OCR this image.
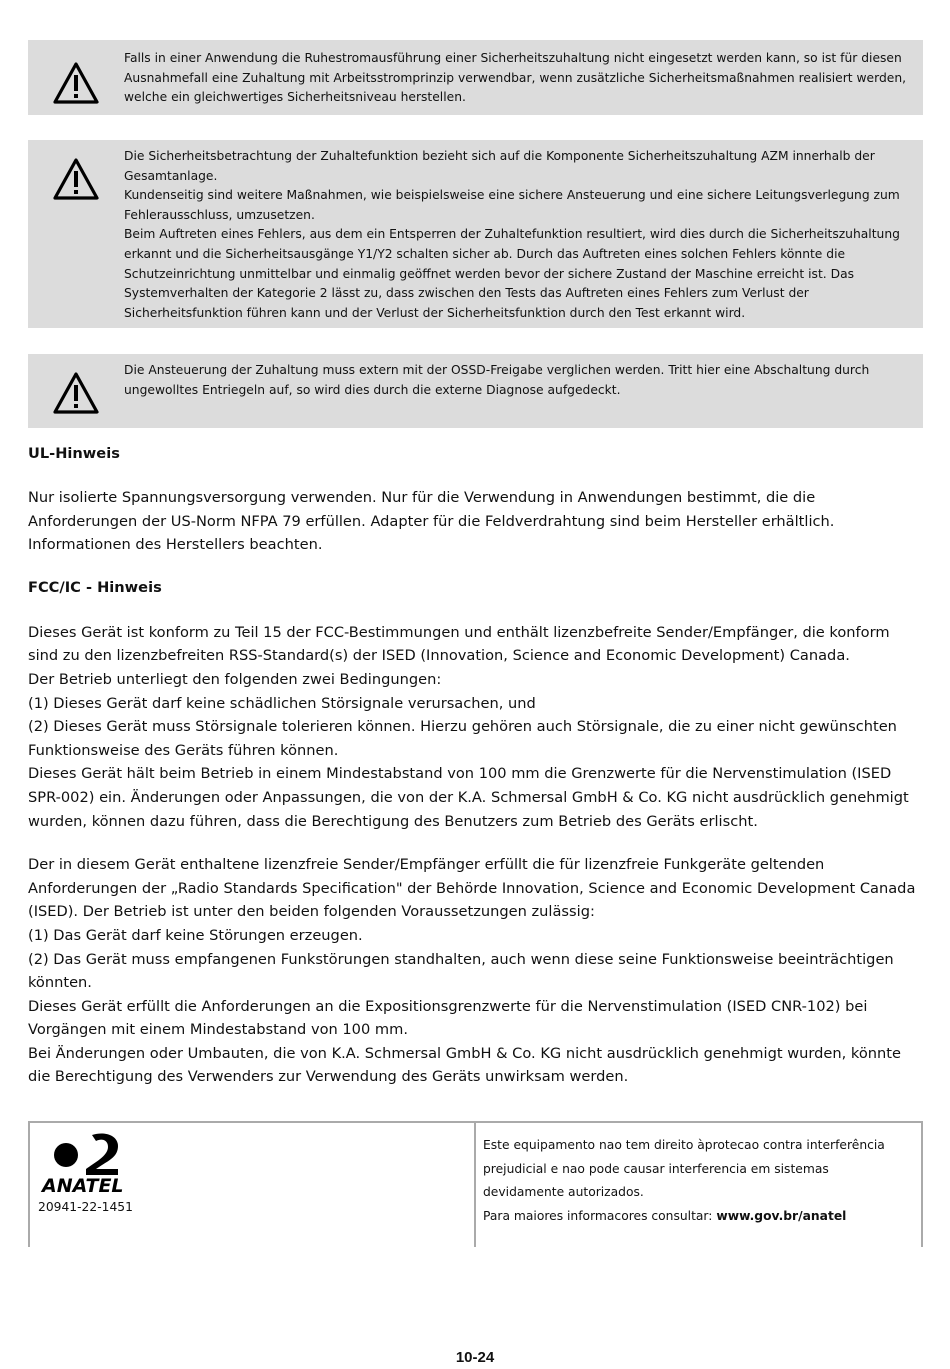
Falls in einer Anwendung die Ruhestromausführung einer Sicherheitszuhaltung nicht eingesetzt werden kann, so ist für diesen Ausnahmefall eine Zuhaltung mit Arbeitsstromprinzip verwendbar, wenn zusätzliche Sicherheitsmaßnahmen realisiert werden, welche ein gleichwertiges Sicherheitsniveau herstellen.

Die Sicherheitsbetrachtung der Zuhaltefunktion bezieht sich auf die Komponente Sicherheitszuhaltung AZM innerhalb der Gesamtanlage.

Kundenseitig sind weitere Maßnahmen, wie beispielsweise eine sichere Ansteuerung und eine sichere Leitungsverlegung zum Fehlerausschluss, umzusetzen.

Beim Auftreten eines Fehlers, aus dem ein Entsperren der Zuhaltefunktion resultiert, wird dies durch die Sicherheitszuhaltung erkannt und die Sicherheitsausgänge Y1/Y2 schalten sicher ab. Durch das Auftreten eines solchen Fehlers könnte die Schutzeinrichtung unmittelbar und einmalig geöffnet werden bevor der sichere Zustand der Maschine erreicht ist. Das Systemverhalten der Kategorie 2 lässt zu, dass zwischen den Tests das Auftreten eines Fehlers zum Verlust der Sicherheitsfunktion führen kann und der Verlust der Sicherheitsfunktion durch den Test erkannt wird.

Die Ansteuerung der Zuhaltung muss extern mit der OSSD-Freigabe verglichen werden. Tritt hier eine Abschaltung durch ungewolltes Entriegeln auf, so wird dies durch die externe Diagnose aufgedeckt.

UL-Hinweis

Nur isolierte Spannungsversorgung verwenden. Nur für die Verwendung in Anwendungen bestimmt, die die Anforderungen der US-Norm NFPA 79 erfüllen. Adapter für die Feldverdrahtung sind beim Hersteller erhältlich. Informationen des Herstellers beachten.

FCC/IC - Hinweis

Dieses Gerät ist konform zu Teil 15 der FCC-Bestimmungen und enthält lizenzbefreite Sender/Empfänger, die konform sind zu den lizenzbefreiten RSS-Standard(s) der ISED (Innovation, Science and Economic Development) Canada.

Der Betrieb unterliegt den folgenden zwei Bedingungen:

(1) Dieses Gerät darf keine schädlichen Störsignale verursachen, und

(2) Dieses Gerät muss Störsignale tolerieren können. Hierzu gehören auch Störsignale, die zu einer nicht gewünschten Funktionsweise des Geräts führen können.

Dieses Gerät hält beim Betrieb in einem Mindestabstand von 100 mm die Grenzwerte für die Nervenstimulation (ISED SPR-002) ein. Änderungen oder Anpassungen, die von der K.A. Schmersal GmbH & Co. KG nicht ausdrücklich genehmigt wurden, können dazu führen, dass die Berechtigung des Benutzers zum Betrieb des Geräts erlischt.

Der in diesem Gerät enthaltene lizenzfreie Sender/Empfänger erfüllt die für lizenzfreie Funkgeräte geltenden Anforderungen der „Radio Standards Specification" der Behörde Innovation, Science and Economic Development Canada (ISED). Der Betrieb ist unter den beiden folgenden Voraussetzungen zulässig:

(1) Das Gerät darf keine Störungen erzeugen.

(2) Das Gerät muss empfangenen Funkstörungen standhalten, auch wenn diese seine Funktionsweise beeinträchtigen könnten.

Dieses Gerät erfüllt die Anforderungen an die Expositionsgrenzwerte für die Nervenstimulation (ISED CNR-102) bei Vorgängen mit einem Mindestabstand von 100 mm.

Bei Änderungen oder Umbauten, die von K.A. Schmersal GmbH & Co. KG nicht ausdrücklich genehmigt wurden, könnte die Berechtigung des Verwenders zur Verwendung des Geräts unwirksam werden.

ANATEL
20941-22-1451

Este equipamento nao tem direito àprotecao contra interferência prejudicial e nao pode causar interferencia em sistemas devidamente autorizados.

Para maiores informacores consultar: www.gov.br/anatel

10-24
